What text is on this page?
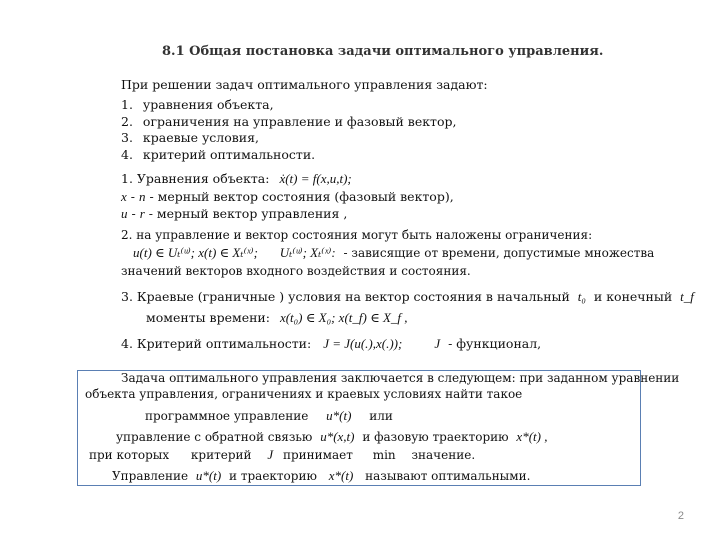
8.1 Общая постановка задачи оптимального управления.
При решении задач оптимального управления задают:
1. уравнения объекта,
2. ограничения на управление и фазовый вектор,
3. краевые условия,
4. критерий оптимальности.
1. Уравнения объекта: ẋ(t) = f(x,u,t);
x - n - мерный вектор состояния (фазовый вектор),
u - r - мерный вектор управления ,
2. на управление и вектор состояния могут быть наложены ограничения:
u(t) ∈ Uₜ⁽ᵘ⁾; x(t) ∈ Xₜ⁽ˣ⁾; Uₜ⁽ᵘ⁾; Xₜ⁽ˣ⁾: - зависящие от времени, допустимые множества
значений векторов входного воздействия и состояния.
3. Краевые (граничные ) условия на вектор состояния в начальный t₀ и конечный t_f
моменты времени: x(t₀) ∈ X₀; x(t_f) ∈ X_f ,
4. Критерий оптимальности: J = J(u(.),x(.)); J - функционал,
Задача оптимального управления заключается в следующем: при заданном уравнении
объекта управления, ограничениях и краевых условиях найти такое
программное управление u*(t) или
управление с обратной связью u*(x,t) и фазовую траекторию x*(t) ,
при которых критерий J принимает min значение.
Управление u*(t) и траекторию x*(t) называют оптимальными.
2
